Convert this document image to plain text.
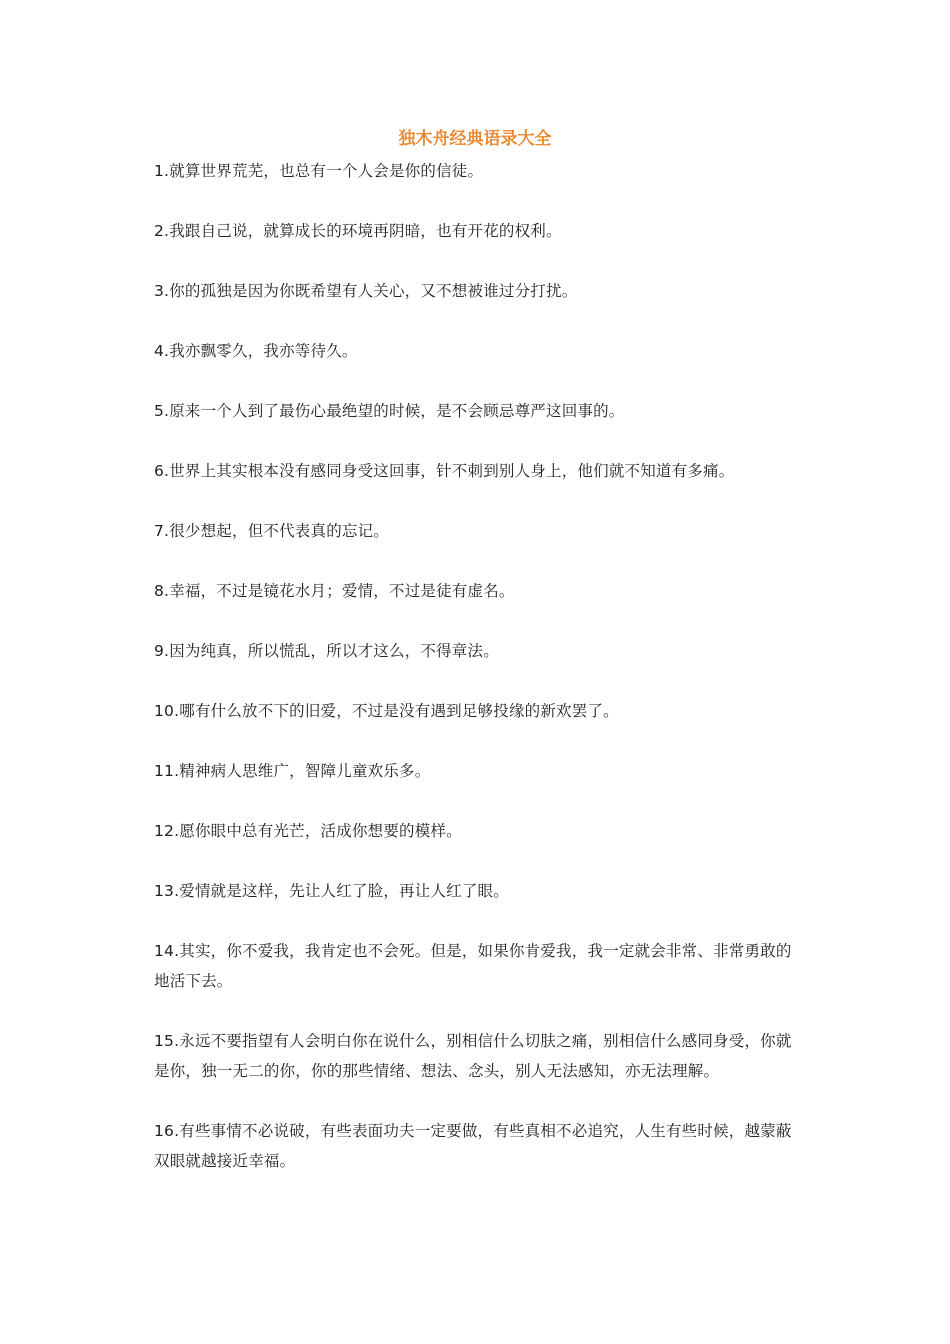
独木舟经典语录大全
1.就算世界荒芜，也总有一个人会是你的信徒。
2.我跟自己说，就算成长的环境再阴暗，也有开花的权利。
3.你的孤独是因为你既希望有人关心，又不想被谁过分打扰。
4.我亦飘零久，我亦等待久。
5.原来一个人到了最伤心最绝望的时候，是不会顾忌尊严这回事的。
6.世界上其实根本没有感同身受这回事，针不刺到别人身上，他们就不知道有多痛。
7.很少想起，但不代表真的忘记。
8.幸福，不过是镜花水月；爱情，不过是徒有虚名。
9.因为纯真，所以慌乱，所以才这么，不得章法。
10.哪有什么放不下的旧爱，不过是没有遇到足够投缘的新欢罢了。
11.精神病人思维广，智障儿童欢乐多。
12.愿你眼中总有光芒，活成你想要的模样。
13.爱情就是这样，先让人红了脸，再让人红了眼。
14.其实，你不爱我，我肯定也不会死。但是，如果你肯爱我，我一定就会非常、非常勇敢的地活下去。
15.永远不要指望有人会明白你在说什么，别相信什么切肤之痛，别相信什么感同身受，你就是你，独一无二的你，你的那些情绪、想法、念头，别人无法感知，亦无法理解。
16.有些事情不必说破，有些表面功夫一定要做，有些真相不必追究，人生有些时候，越蒙蔽双眼就越接近幸福。
